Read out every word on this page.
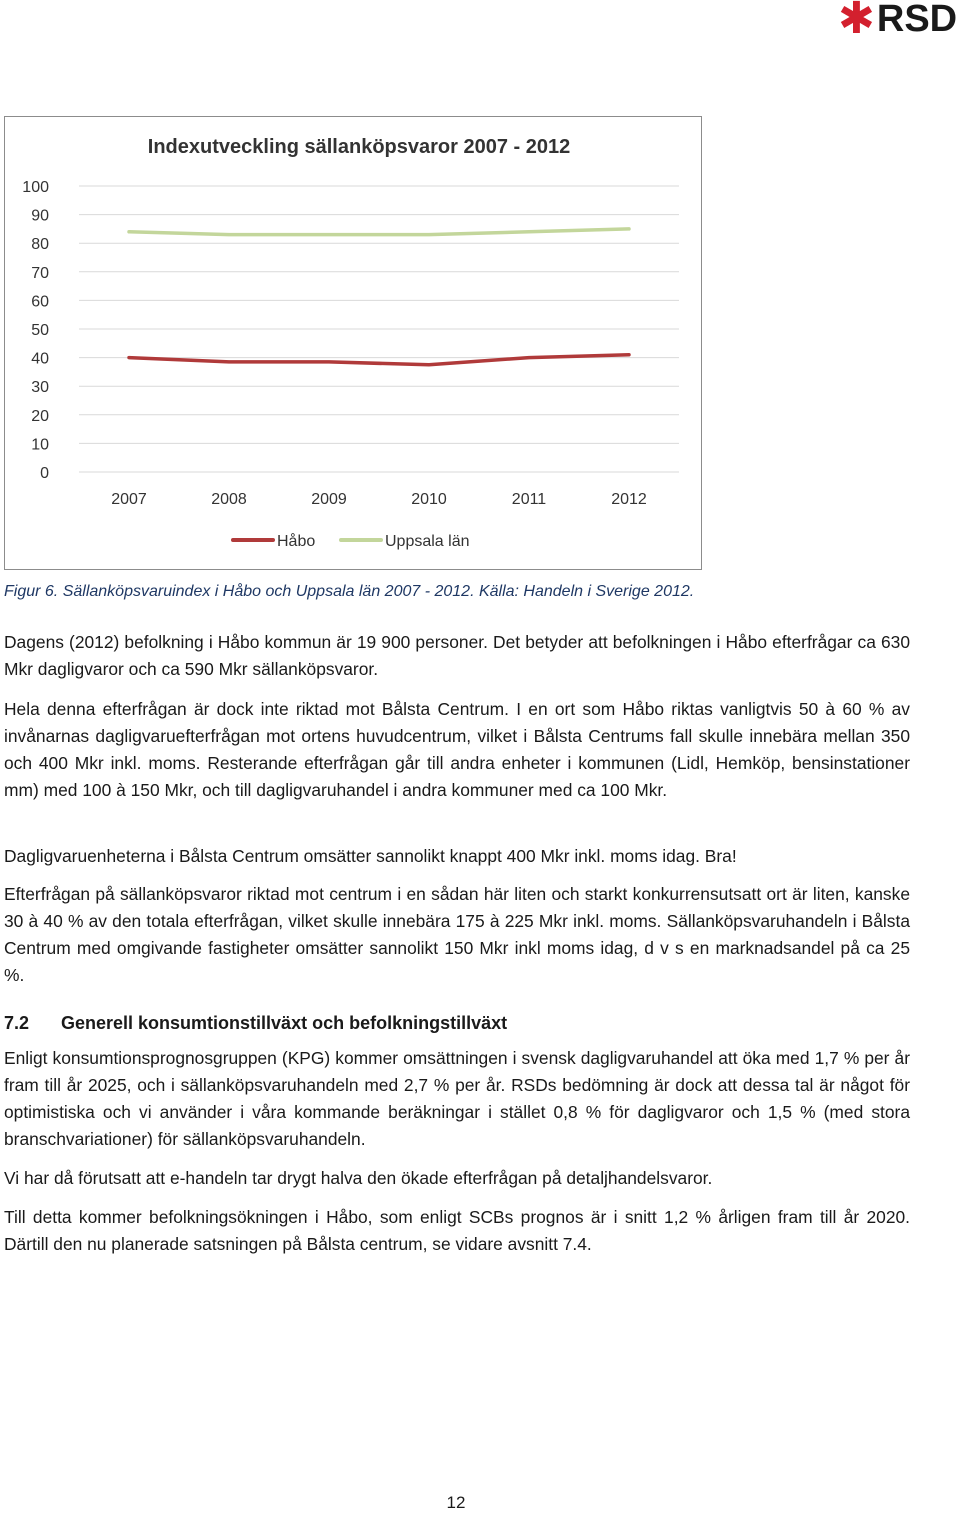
✱ RSD
Indexutveckling sällanköpsvaror 2007 - 2012
0
10
20
30
40
50
60
70
80
90
100
2007	2008	2009	2010	2011	2012
Håbo	Uppsala län
Figur 6. Sällanköpsvaruindex i Håbo och Uppsala län 2007 - 2012. Källa: Handeln i Sverige 2012.

Dagens (2012) befolkning i Håbo kommun är 19 900 personer. Det betyder att befolkningen i Håbo efterfrågar ca 630 Mkr dagligvaror och ca 590 Mkr sällanköpsvaror.

Hela denna efterfrågan är dock inte riktad mot Bålsta Centrum. I en ort som Håbo riktas vanligtvis 50 à 60 % av invånarnas dagligvaruefterfrågan mot ortens huvudcentrum, vilket i Bålsta Centrums fall skulle innebära mellan 350 och 400 Mkr inkl. moms. Resterande efterfrågan går till andra enheter i kommunen (Lidl, Hemköp, bensinstationer mm) med 100 à 150 Mkr, och till dagligvaruhandel i andra kommuner med ca 100 Mkr.

Dagligvaruenheterna i Bålsta Centrum omsätter sannolikt knappt 400 Mkr inkl. moms idag. Bra!

Efterfrågan på sällanköpsvaror riktad mot centrum i en sådan här liten och starkt konkurrensutsatt ort är liten, kanske 30 à 40 % av den totala efterfrågan, vilket skulle innebära 175 à 225 Mkr inkl. moms. Sällanköpsvaruhandeln i Bålsta Centrum med omgivande fastigheter omsätter sannolikt 150 Mkr inkl moms idag, d v s en marknadsandel på ca 25 %.

7.2 Generell konsumtionstillväxt och befolkningstillväxt

Enligt konsumtionsprognosgruppen (KPG) kommer omsättningen i svensk dagligvaruhandel att öka med 1,7 % per år fram till år 2025, och i sällanköpsvaruhandeln med 2,7 % per år. RSDs bedömning är dock att dessa tal är något för optimistiska och vi använder i våra kommande beräkningar i stället 0,8 % för dagligvaror och 1,5 % (med stora branschvariationer) för sällanköpsvaruhandeln.

Vi har då förutsatt att e-handeln tar drygt halva den ökade efterfrågan på detaljhandelsvaror.

Till detta kommer befolkningsökningen i Håbo, som enligt SCBs prognos är i snitt 1,2 % årligen fram till år 2020. Därtill den nu planerade satsningen på Bålsta centrum, se vidare avsnitt 7.4.

12
